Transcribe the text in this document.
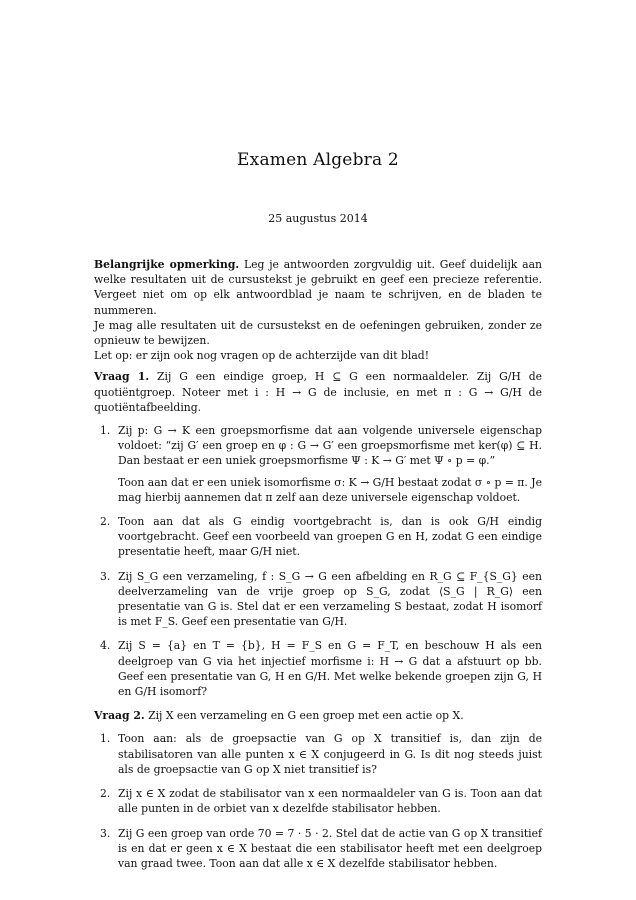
Examen Algebra 2
25 augustus 2014

Belangrijke opmerking. Leg je antwoorden zorgvuldig uit. Geef duidelijk aan welke resultaten uit de cursustekst je gebruikt en geef een precieze referentie. Vergeet niet om op elk antwoordblad je naam te schrijven, en de bladen te nummeren.

Je mag alle resultaten uit de cursustekst en de oefeningen gebruiken, zonder ze opnieuw te bewijzen.

Let op: er zijn ook nog vragen op de achterzijde van dit blad!

Vraag 1. Zij G een eindige groep, H ⊆ G een normaaldeler. Zij G/H de quotiëntgroep. Noteer met i : H → G de inclusie, en met π : G → G/H de quotiëntafbeelding.

1. Zij p: G → K een groepsmorfisme dat aan volgende universele eigenschap voldoet: “zij G′ een groep en φ : G → G′ een groepsmorfisme met ker(φ) ⊆ H. Dan bestaat er een uniek groepsmorfisme Ψ : K → G′ met Ψ ∘ p = φ.”

Toon aan dat er een uniek isomorfisme σ: K → G/H bestaat zodat σ ∘ p = π. Je mag hierbij aannemen dat π zelf aan deze universele eigenschap voldoet.

2. Toon aan dat als G eindig voortgebracht is, dan is ook G/H eindig voortgebracht. Geef een voorbeeld van groepen G en H, zodat G een eindige presentatie heeft, maar G/H niet.

3. Zij S_G een verzameling, f : S_G → G een afbelding en R_G ⊆ F_{S_G} een deelverzameling van de vrije groep op S_G, zodat ⟨S_G | R_G⟩ een presentatie van G is. Stel dat er een verzameling S bestaat, zodat H isomorf is met F_S. Geef een presentatie van G/H.

4. Zij S = {a} en T = {b}, H = F_S en G = F_T, en beschouw H als een deelgroep van G via het injectief morfisme i: H → G dat a afstuurt op bb. Geef een presentatie van G, H en G/H. Met welke bekende groepen zijn G, H en G/H isomorf?

Vraag 2. Zij X een verzameling en G een groep met een actie op X.

1. Toon aan: als de groepsactie van G op X transitief is, dan zijn de stabilisatoren van alle punten x ∈ X conjugeerd in G. Is dit nog steeds juist als de groepsactie van G op X niet transitief is?

2. Zij x ∈ X zodat de stabilisator van x een normaaldeler van G is. Toon aan dat alle punten in de orbiet van x dezelfde stabilisator hebben.

3. Zij G een groep van orde 70 = 7 · 5 · 2. Stel dat de actie van G op X transitief is en dat er geen x ∈ X bestaat die een stabilisator heeft met een deelgroep van graad twee. Toon aan dat alle x ∈ X dezelfde stabilisator hebben.
